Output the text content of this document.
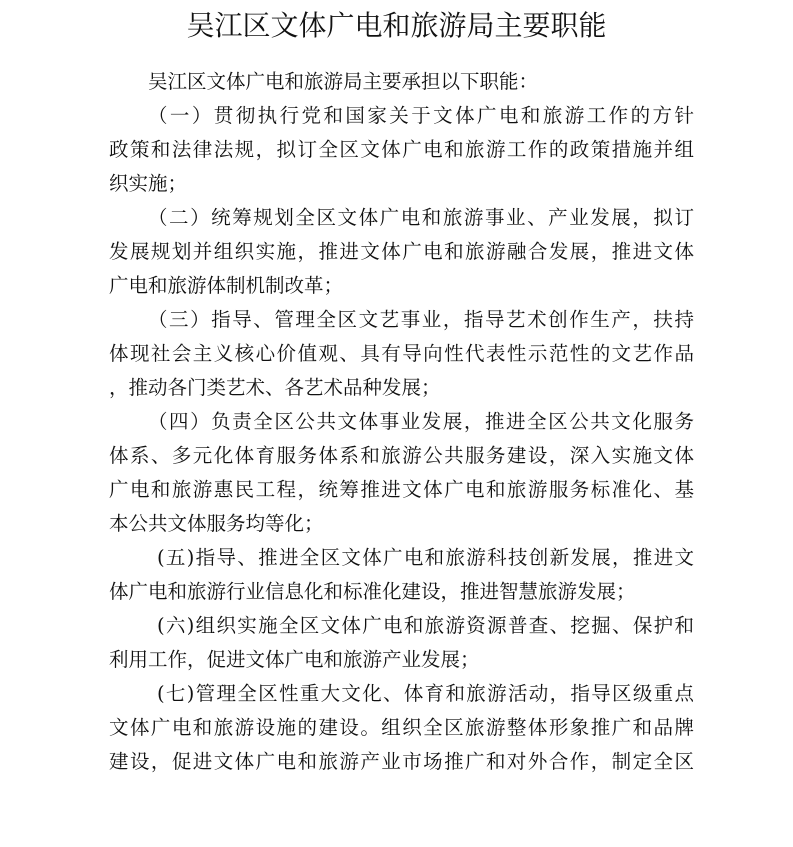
吴江区文体广电和旅游局主要职能
吴江区文体广电和旅游局主要承担以下职能：
（一）贯彻执行党和国家关于文体广电和旅游工作的方针
政策和法律法规，拟订全区文体广电和旅游工作的政策措施并组
织实施；
（二）统筹规划全区文体广电和旅游事业、产业发展，拟订
发展规划并组织实施，推进文体广电和旅游融合发展，推进文体
广电和旅游体制机制改革；
（三）指导、管理全区文艺事业，指导艺术创作生产，扶持
体现社会主义核心价值观、具有导向性代表性示范性的文艺作品
，推动各门类艺术、各艺术品种发展；
（四）负责全区公共文体事业发展，推进全区公共文化服务
体系、多元化体育服务体系和旅游公共服务建设，深入实施文体
广电和旅游惠民工程，统筹推进文体广电和旅游服务标准化、基
本公共文体服务均等化；
(五)指导、推进全区文体广电和旅游科技创新发展，推进文
体广电和旅游行业信息化和标准化建设，推进智慧旅游发展；
(六)组织实施全区文体广电和旅游资源普查、挖掘、保护和
利用工作，促进文体广电和旅游产业发展；
(七)管理全区性重大文化、体育和旅游活动，指导区级重点
文体广电和旅游设施的建设。组织全区旅游整体形象推广和品牌
建设，促进文体广电和旅游产业市场推广和对外合作，制定全区
